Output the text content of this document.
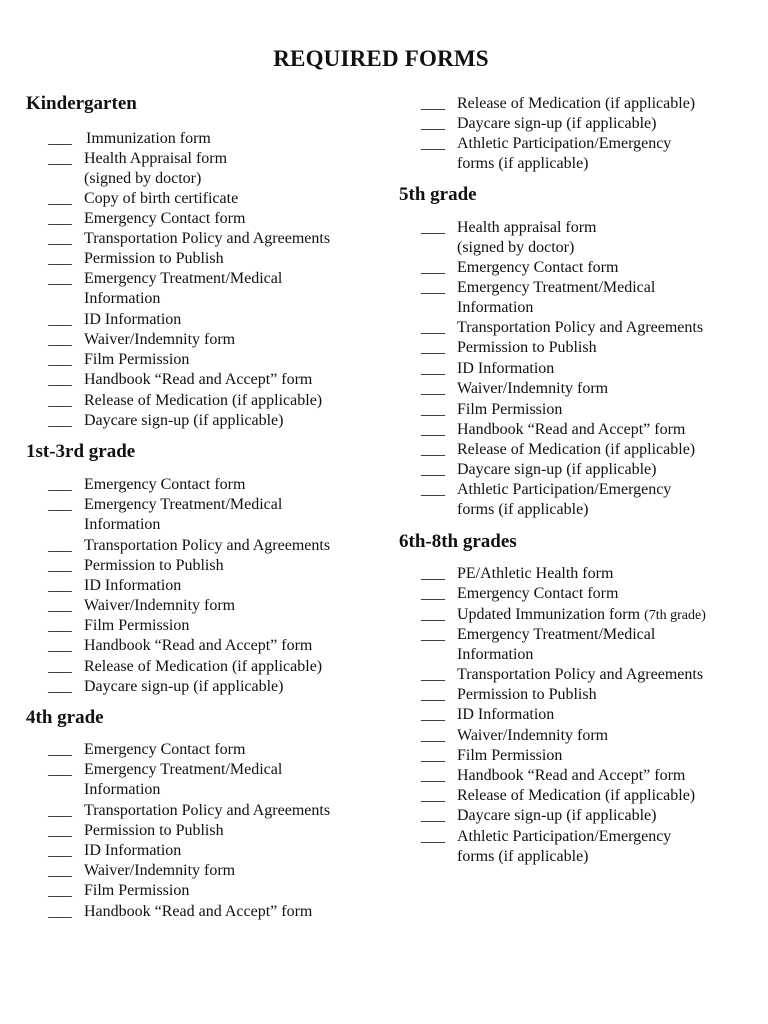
REQUIRED FORMS
Kindergarten
___ Immunization form
___ Health Appraisal form
(signed by doctor)
___ Copy of birth certificate
___ Emergency Contact form
___ Transportation Policy and Agreements
___ Permission to Publish
___ Emergency Treatment/Medical
Information
___ ID Information
___ Waiver/Indemnity form
___ Film Permission
___ Handbook “Read and Accept” form
___ Release of Medication (if applicable)
___ Daycare sign-up (if applicable)
1st-3rd grade
___ Emergency Contact form
___ Emergency Treatment/Medical
Information
___ Transportation Policy and Agreements
___ Permission to Publish
___ ID Information
___ Waiver/Indemnity form
___ Film Permission
___ Handbook “Read and Accept” form
___ Release of Medication (if applicable)
___ Daycare sign-up (if applicable)
4th grade
___ Emergency Contact form
___ Emergency Treatment/Medical
Information
___ Transportation Policy and Agreements
___ Permission to Publish
___ ID Information
___ Waiver/Indemnity form
___ Film Permission
___ Handbook “Read and Accept” form
___ Release of Medication (if applicable)
___ Daycare sign-up (if applicable)
___ Athletic Participation/Emergency
forms (if applicable)
5th grade
___ Health appraisal form
(signed by doctor)
___ Emergency Contact form
___ Emergency Treatment/Medical
Information
___ Transportation Policy and Agreements
___ Permission to Publish
___ ID Information
___ Waiver/Indemnity form
___ Film Permission
___ Handbook “Read and Accept” form
___ Release of Medication (if applicable)
___ Daycare sign-up (if applicable)
___ Athletic Participation/Emergency
forms (if applicable)
6th-8th grades
___ PE/Athletic Health form
___ Emergency Contact form
___ Updated Immunization form (7th grade)
___ Emergency Treatment/Medical
Information
___ Transportation Policy and Agreements
___ Permission to Publish
___ ID Information
___ Waiver/Indemnity form
___ Film Permission
___ Handbook “Read and Accept” form
___ Release of Medication (if applicable)
___ Daycare sign-up (if applicable)
___ Athletic Participation/Emergency
forms (if applicable)
